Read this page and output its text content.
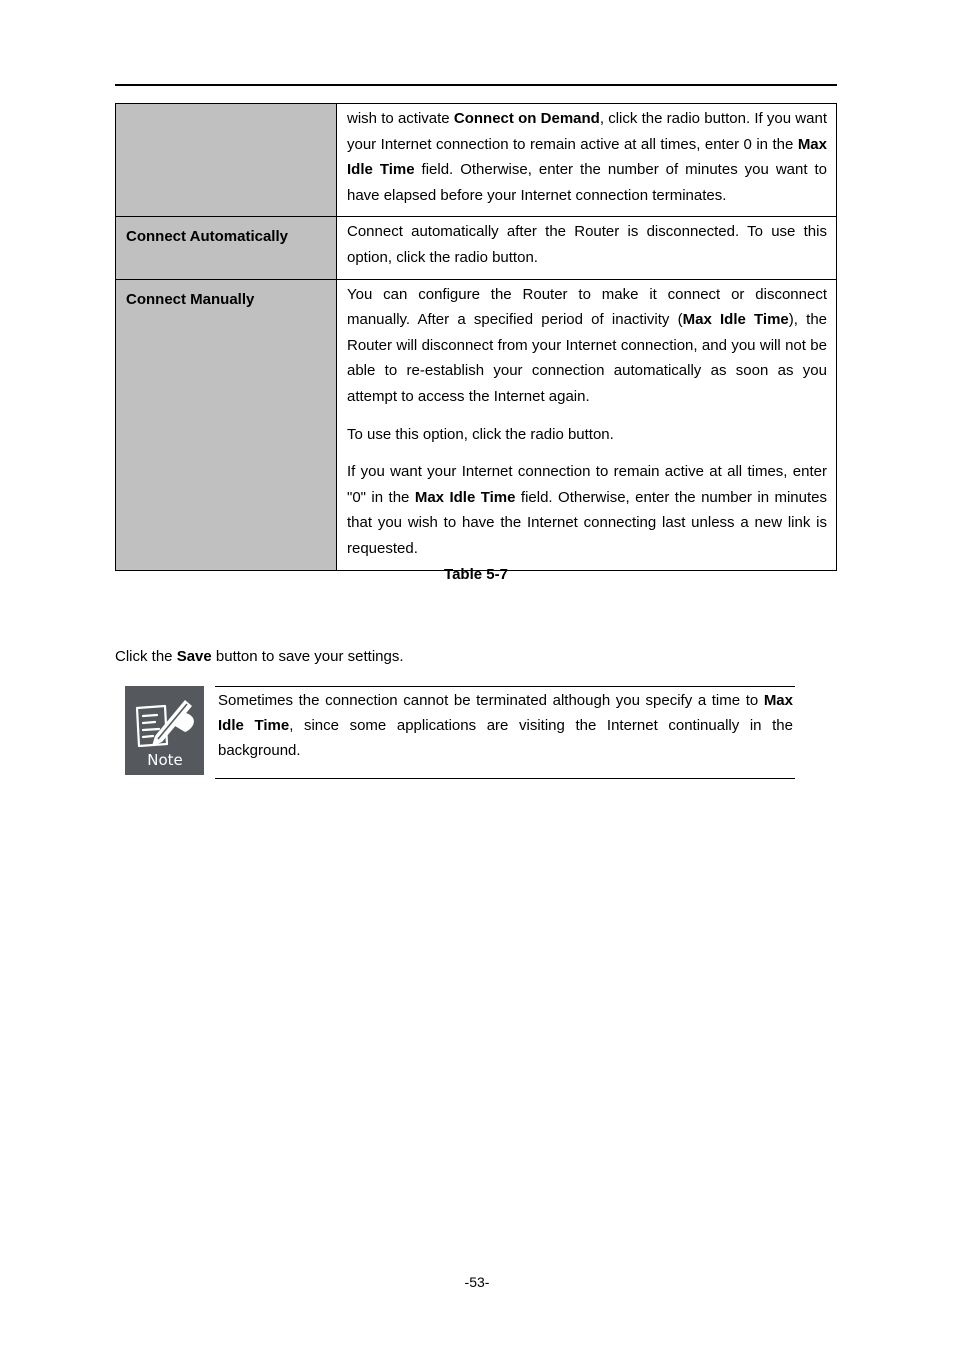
	wish to activate Connect on Demand, click the radio button. If you want your Internet connection to remain active at all times, enter 0 in the Max Idle Time field. Otherwise, enter the number of minutes you want to have elapsed before your Internet connection terminates.

Connect Automatically	Connect automatically after the Router is disconnected. To use this option, click the radio button.

Connect Manually	You can configure the Router to make it connect or disconnect manually. After a specified period of inactivity (Max Idle Time), the Router will disconnect from your Internet connection, and you will not be able to re-establish your connection automatically as soon as you attempt to access the Internet again.

To use this option, click the radio button.

If you want your Internet connection to remain active at all times, enter "0" in the Max Idle Time field. Otherwise, enter the number in minutes that you wish to have the Internet connecting last unless a new link is requested.

Table 5-7
Click the Save button to save your settings.
Note
Sometimes the connection cannot be terminated although you specify a time to Max Idle Time, since some applications are visiting the Internet continually in the background.
-53-
